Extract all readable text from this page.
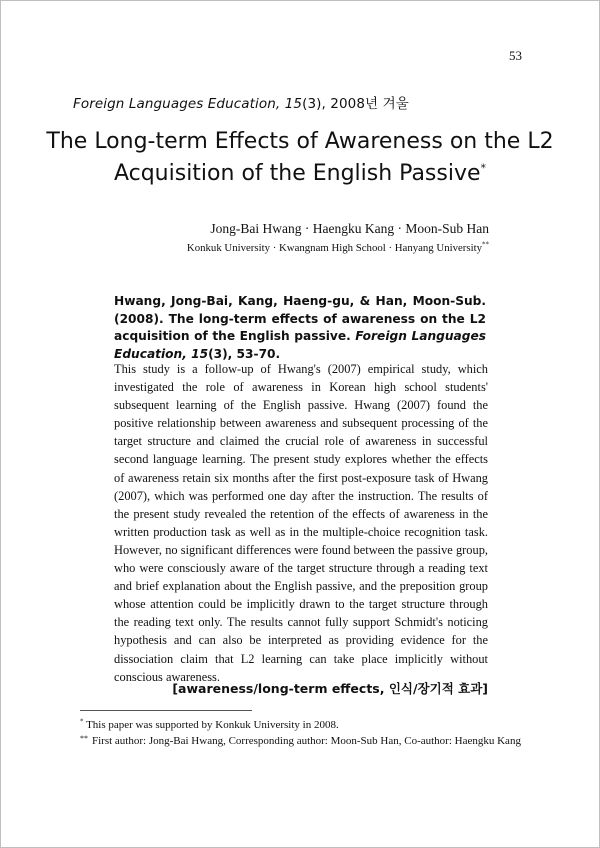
53
Foreign Languages Education, 15(3), 2008년 겨울
The Long-term Effects of Awareness on the L2
Acquisition of the English Passive*
Jong-Bai Hwang · Haengku Kang · Moon-Sub Han
Konkuk University · Kwangnam High School · Hanyang University**
Hwang, Jong-Bai, Kang, Haeng-gu, & Han, Moon-Sub. (2008). The long-term effects of awareness on the L2 acquisition of the English passive. Foreign Languages Education, 15(3), 53-70.
This study is a follow-up of Hwang's (2007) empirical study, which investigated the role of awareness in Korean high school students' subsequent learning of the English passive. Hwang (2007) found the positive relationship between awareness and subsequent processing of the target structure and claimed the crucial role of awareness in successful second language learning. The present study explores whether the effects of awareness retain six months after the first post-exposure task of Hwang (2007), which was performed one day after the instruction. The results of the present study revealed the retention of the effects of awareness in the written production task as well as in the multiple-choice recognition task. However, no significant differences were found between the passive group, who were consciously aware of the target structure through a reading text and brief explanation about the English passive, and the preposition group whose attention could be implicitly drawn to the target structure through the reading text only. The results cannot fully support Schmidt's noticing hypothesis and can also be interpreted as providing evidence for the dissociation claim that L2 learning can take place implicitly without conscious awareness.
[awareness/long-term effects, 인식/장기적 효과]
* This paper was supported by Konkuk University in 2008.
** First author: Jong-Bai Hwang, Corresponding author: Moon-Sub Han, Co-author: Haengku Kang
